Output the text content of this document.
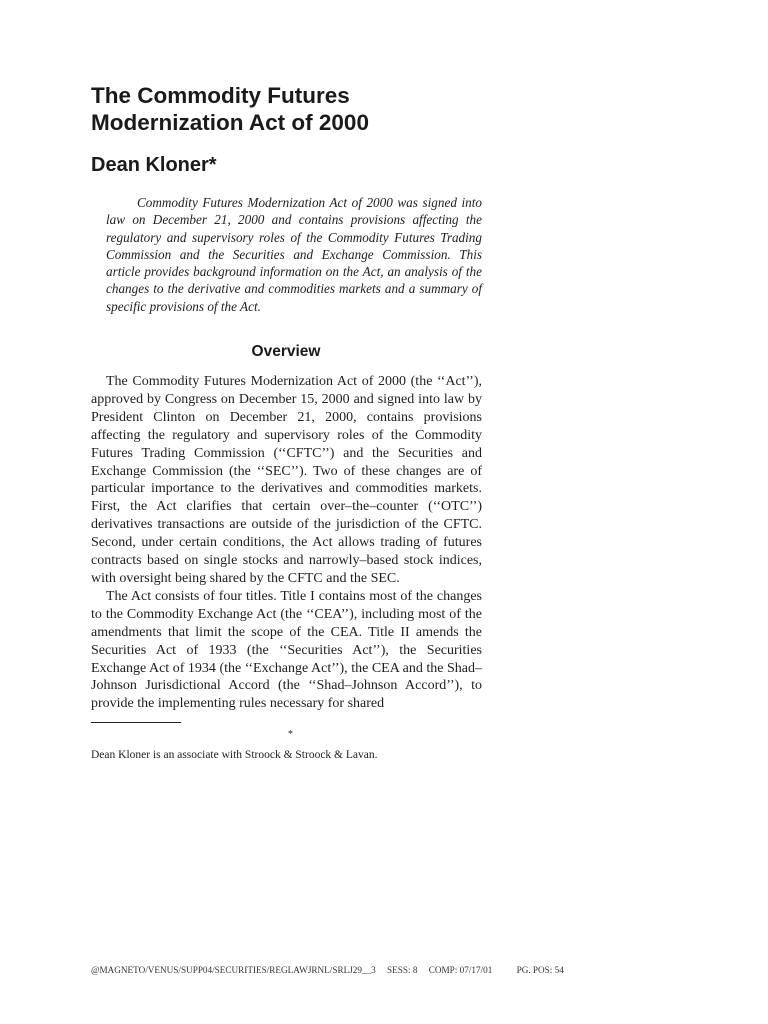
The Commodity Futures
Modernization Act of 2000
Dean Kloner*

Commodity Futures Modernization Act of 2000 was signed into law on December 21, 2000 and contains provisions affecting the regulatory and supervisory roles of the Commodity Futures Trading Commission and the Securities and Exchange Commission. This article provides background information on the Act, an analysis of the changes to the derivative and commodities markets and a summary of specific provisions of the Act.

Overview

The Commodity Futures Modernization Act of 2000 (the ‘‘Act’’), approved by Congress on December 15, 2000 and signed into law by President Clinton on December 21, 2000, contains provisions affecting the regulatory and supervisory roles of the Commodity Futures Trading Commission (‘‘CFTC’’) and the Securities and Exchange Commission (the ‘‘SEC’’). Two of these changes are of particular importance to the derivatives and commodities markets. First, the Act clarifies that certain over–the–counter (‘‘OTC’’) derivatives transactions are outside of the jurisdiction of the CFTC. Second, under certain conditions, the Act allows trading of futures contracts based on single stocks and narrowly–based stock indices, with oversight being shared by the CFTC and the SEC.

The Act consists of four titles. Title I contains most of the changes to the Commodity Exchange Act (the ‘‘CEA’’), including most of the amendments that limit the scope of the CEA. Title II amends the Securities Act of 1933 (the ‘‘Securities Act’’), the Securities Exchange Act of 1934 (the ‘‘Exchange Act’’), the CEA and the Shad–Johnson Jurisdictional Accord (the ‘‘Shad–Johnson Accord’’), to provide the implementing rules necessary for shared

*

Dean Kloner is an associate with Stroock & Stroock & Lavan.

@MAGNETO/VENUS/SUPP04/SECURITIES/REGLAWJRNL/SRLJ29__3 SESS: 8 COMP: 07/17/01	PG. POS: 54
